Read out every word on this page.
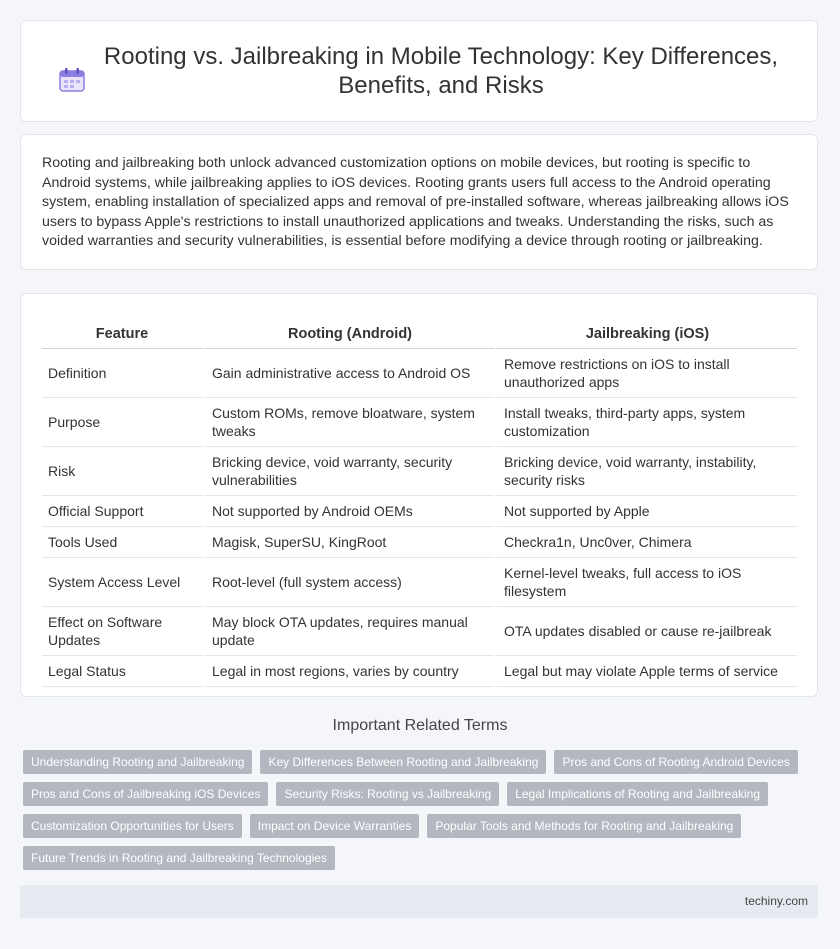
Rooting vs. Jailbreaking in Mobile Technology: Key Differences, Benefits, and Risks

Rooting and jailbreaking both unlock advanced customization options on mobile devices, but rooting is specific to Android systems, while jailbreaking applies to iOS devices. Rooting grants users full access to the Android operating system, enabling installation of specialized apps and removal of pre-installed software, whereas jailbreaking allows iOS users to bypass Apple's restrictions to install unauthorized applications and tweaks. Understanding the risks, such as voided warranties and security vulnerabilities, is essential before modifying a device through rooting or jailbreaking.

Feature	Rooting (Android)	Jailbreaking (iOS)
Definition	Gain administrative access to Android OS	Remove restrictions on iOS to install unauthorized apps
Purpose	Custom ROMs, remove bloatware, system tweaks	Install tweaks, third-party apps, system customization
Risk	Bricking device, void warranty, security vulnerabilities	Bricking device, void warranty, instability, security risks
Official Support	Not supported by Android OEMs	Not supported by Apple
Tools Used	Magisk, SuperSU, KingRoot	Checkra1n, Unc0ver, Chimera
System Access Level	Root-level (full system access)	Kernel-level tweaks, full access to iOS filesystem
Effect on Software Updates	May block OTA updates, requires manual update	OTA updates disabled or cause re-jailbreak
Legal Status	Legal in most regions, varies by country	Legal but may violate Apple terms of service
Important Related Terms
Understanding Rooting and Jailbreaking	Key Differences Between Rooting and Jailbreaking	Pros and Cons of Rooting Android Devices
Pros and Cons of Jailbreaking iOS Devices	Security Risks: Rooting vs Jailbreaking	Legal Implications of Rooting and Jailbreaking
Customization Opportunities for Users	Impact on Device Warranties	Popular Tools and Methods for Rooting and Jailbreaking
Future Trends in Rooting and Jailbreaking Technologies
techiny.com
